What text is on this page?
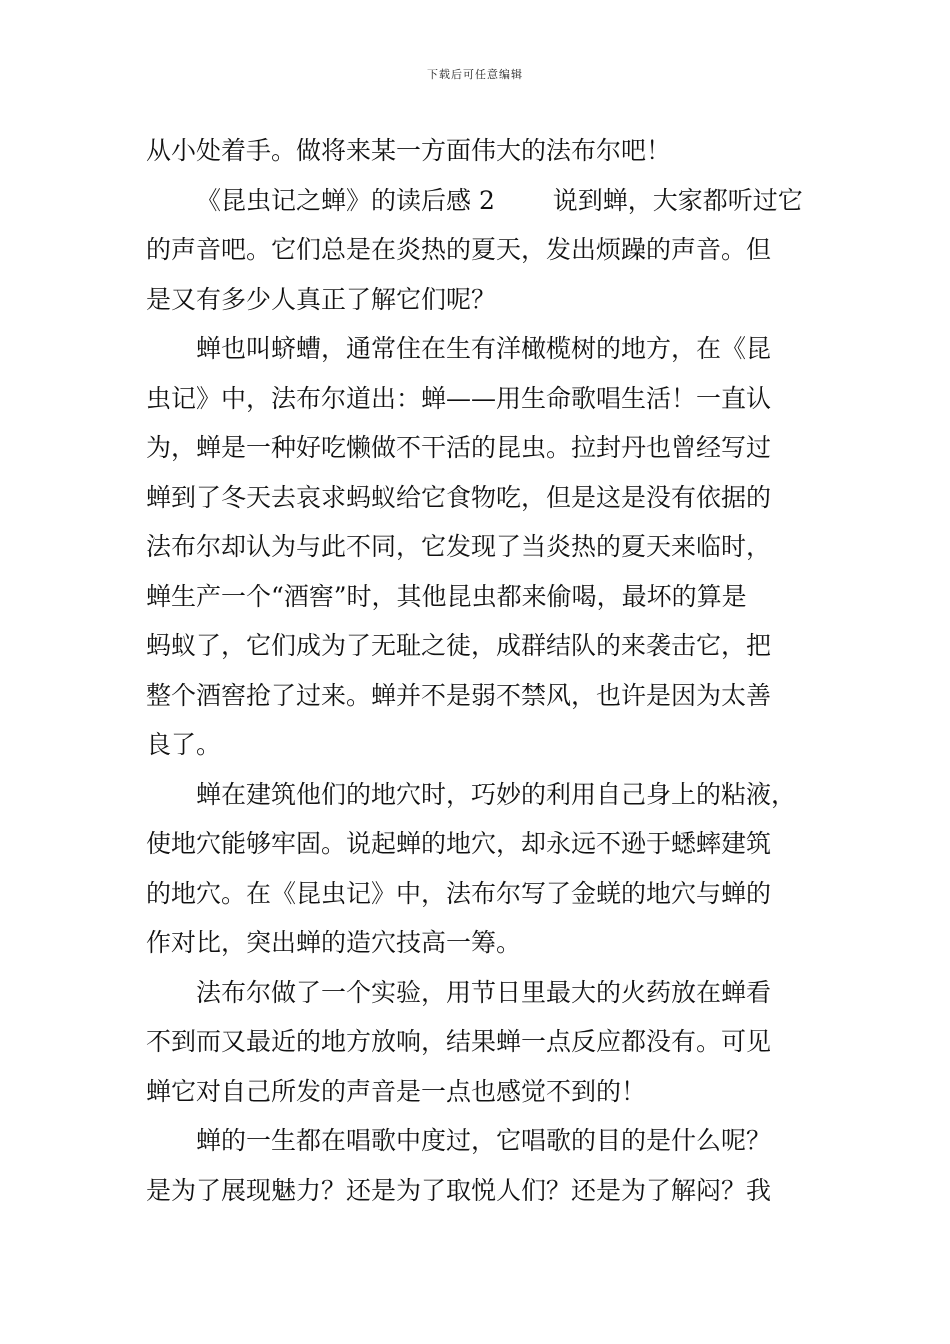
下载后可任意编辑
从小处着手。做将来某一方面伟大的法布尔吧！
《昆虫记之蝉》的读后感 2　　 说到蝉，大家都听过它
的声音吧。它们总是在炎热的夏天，发出烦躁的声音。但
是又有多少人真正了解它们呢？
蝉也叫蛴螬，通常住在生有洋橄榄树的地方，在《昆
虫记》中，法布尔道出：蝉——用生命歌唱生活！一直认
为，蝉是一种好吃懒做不干活的昆虫。拉封丹也曾经写过
蝉到了冬天去哀求蚂蚁给它食物吃，但是这是没有依据的
法布尔却认为与此不同，它发现了当炎热的夏天来临时，
蝉生产一个“酒窖”时，其他昆虫都来偷喝，最坏的算是
蚂蚁了，它们成为了无耻之徒，成群结队的来袭击它，把
整个酒窖抢了过来。蝉并不是弱不禁风，也许是因为太善
良了。
蝉在建筑他们的地穴时，巧妙的利用自己身上的粘液，
使地穴能够牢固。说起蝉的地穴，却永远不逊于蟋蟀建筑
的地穴。在《昆虫记》中，法布尔写了金蜣的地穴与蝉的
作对比，突出蝉的造穴技高一筹。
法布尔做了一个实验，用节日里最大的火药放在蝉看
不到而又最近的地方放响，结果蝉一点反应都没有。可见
蝉它对自己所发的声音是一点也感觉不到的！
蝉的一生都在唱歌中度过，它唱歌的目的是什么呢？
是为了展现魅力？还是为了取悦人们？还是为了解闷？我
